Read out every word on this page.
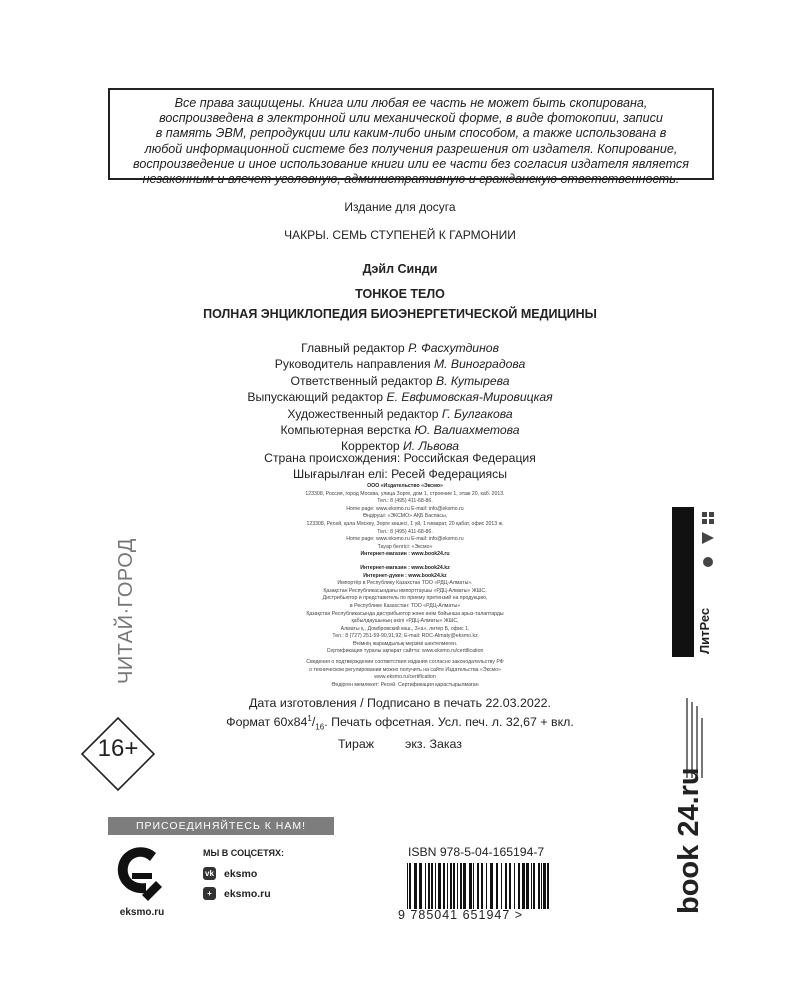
Все права защищены. Книга или любая ее часть не может быть скопирована,
воспроизведена в электронной или механической форме, в виде фотокопии, записи
в память ЭВМ, репродукции или каким-либо иным способом, а также использована в
любой информационной системе без получения разрешения от издателя. Копирование,
воспроизведение и иное использование книги или ее части без согласия издателя является
незаконным и влечет уголовную, административную и гражданскую ответственность.
Издание для досуга
ЧАКРЫ. СЕМЬ СТУПЕНЕЙ К ГАРМОНИИ
Дэйл Синди
ТОНКОЕ ТЕЛО
ПОЛНАЯ ЭНЦИКЛОПЕДИЯ БИОЭНЕРГЕТИЧЕСКОЙ МЕДИЦИНЫ
Главный редактор Р. Фасхутдинов
Руководитель направления М. Виноградова
Ответственный редактор В. Кутырева
Выпускающий редактор Е. Евфимовская-Мировицкая
Художественный редактор Г. Булгакова
Компьютерная верстка Ю. Валиахметова
Корректор И. Львова
Страна происхождения: Российская Федерация
Шығарылған елі: Ресей Федерациясы
ООО «Издательство «Эксмо»
123308, Россия, город Москва, улица Зорге, дом 1, строение 1, этаж 20, каб. 2013.
Тел.: 8 (495) 411-68-86.
Home page: www.eksmo.ru E-mail: info@eksmo.ru
Өндіруші: «ЭКСМО» АҚБ Баспасы,
123308, Ресей, қала Мәскеу, Зорге көшесі, 1 үй, 1 ғимарат, 20 қабат, офис 2013 ж.
Тел.: 8 (495) 411-68-86.
Home page: www.eksmo.ru E-mail: info@eksmo.ru
Тауар белгісі: «Эксмо»
Интернет-магазин : www.book24.ru
Интернет-магазин : www.book24.kz
Интернет-дүкен : www.book24.kz
Импортёр в Республику Казахстан ТОО «РДЦ-Алматы».
Қазақстан Республикасындағы импорттаушы «РДЦ-Алматы» ЖШС.
Дистрибьютор и представитель по приему претензий на продукцию,
в Республике Казахстан: ТОО «РДЦ-Алматы»
Қазақстан Республикасында дистрибьютор және өнім бойынша арыз-талаптарды
қабылдаушының өкілі «РДЦ-Алматы» ЖШС,
Алматы қ., Домбровский көш., 3«а», литер Б, офис 1.
Тел.: 8 (727) 251-59-90,91,92; E-mail: RDC-Almaty@eksmo.kz
Өнімнің жарамдылық мерзімі шектелмеген.
Сертификация туралы ақпарат сайтта: www.eksmo.ru/certification
Сведения о подтверждении соответствия издания согласно законодательству РФ
о техническом регулировании можно получить на сайте Издательства «Эксмо»
www.eksmo.ru/certification
Өндірген мемлекет: Ресей. Сертификация қарастырылмаған
Дата изготовления / Подписано в печать 22.03.2022.
Формат $60x84^1/_{16}$. Печать офсетная. Усл. печ. л. 32,67 + вкл.
Тираж экз. Заказ
16+
ЧИТАЙ·ГОРОД
ПРИСОЕДИНЯЙТЕСЬ К НАМ!
eksmo.ru
МЫ В СОЦСЕТЯХ:
vk eksmo
+	eksmo.ru
ISBN 978-5-04-165194-7
9 785041 651947 >
ЛитРес
book 24.ru
